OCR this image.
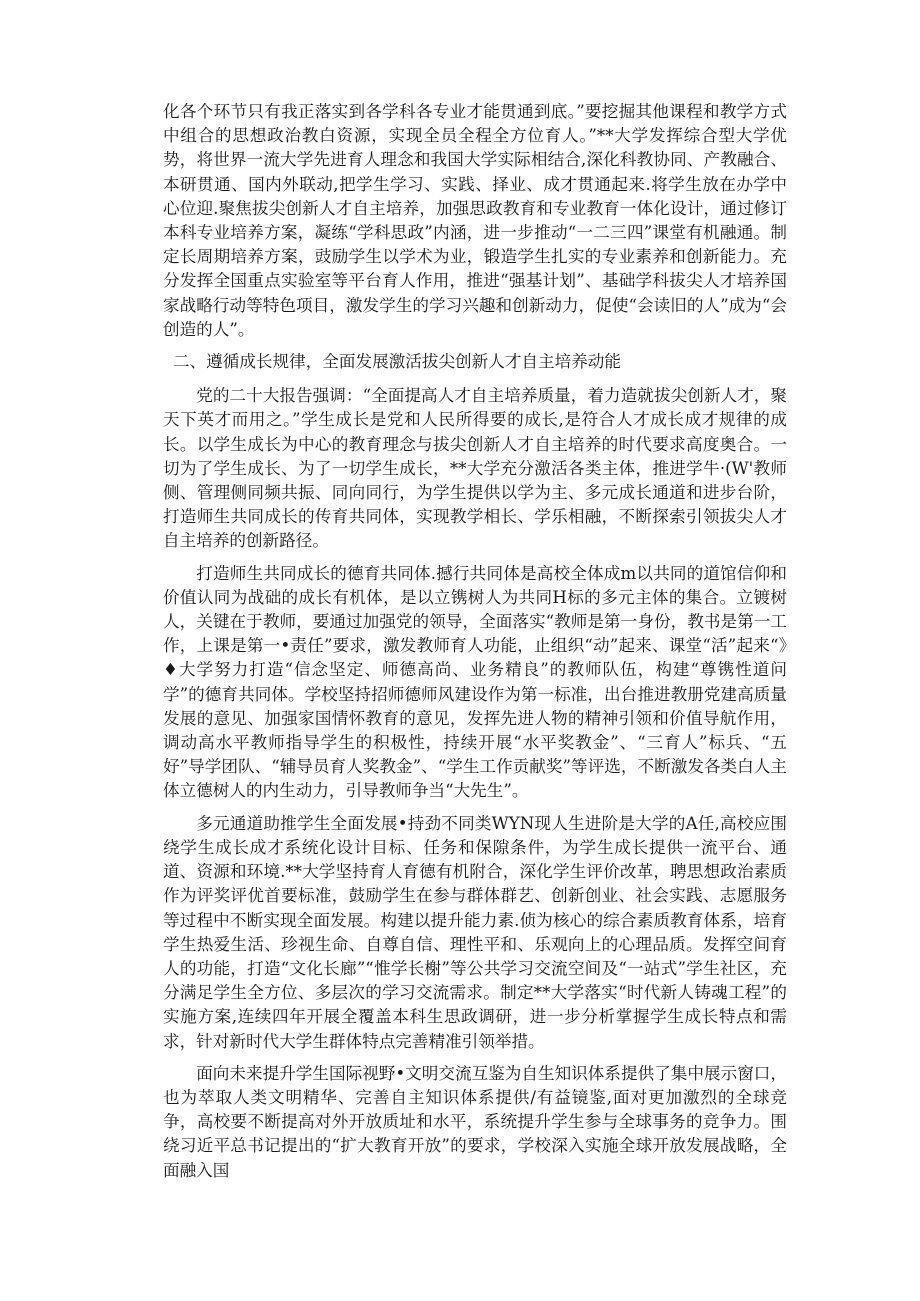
化各个环节只有我正落实到各学科各专业才能贯通到底。”要挖掘其他课程和教学方式中组合的思想政治教白资源，实现全员全程全方位育人。”**大学发挥综合型大学优势，将世界一流大学先进育人理念和我国大学实际相结合,深化科教协同、产教融合、本研贯通、国内外联动,把学生学习、实践、择业、成才贯通起来.将学生放在办学中心位迎.聚焦拔尖创新人才自主培养，加强思政教育和专业教育一体化设计，通过修订本科专业培养方案，凝练“学科思政”内涵，进一步推动“一二三四”课堂有机融通。制定长周期培养方案，豉励学生以学术为业，锻造学生扎实的专业素养和创新能力。充分发挥全国重点实验室等平台育人作用，推进“强基计划”、基础学科拔尖人才培养国家战略行动等特色项目，激发学生的学习兴趣和创新动力，促使“会读旧的人”成为“会创造的人”。

二、遵循成长规律，全面发展激活拔尖创新人才自主培养动能

党的二十大报告强调：“全面提高人才自主培养质量，着力造就拔尖创新人才，聚天下英才而用之。”学生成长是党和人民所得要的成长,是符合人才成长成才规律的成长。以学生成长为中心的教育理念与拔尖创新人才自主培养的时代要求高度奥合。一切为了学生成长、为了一切学生成长，**大学充分激活各类主体，推进学牛·(W'教师侧、管理侧同频共振、同向同行，为学生提供以学为主、多元成长通道和进步台阶，打造师生共同成长的传育共同体，实现教学相长、学乐相融，不断探索引领拔尖人才自主培养的创新路径。

打造师生共同成长的德育共同体.撼行共同体是高校全体成m以共同的道馆信仰和价值认同为战础的成长有机体，是以立镌树人为共同H标的多元主体的集合。立镀树人，关键在于教师，要通过加强党的领导，全面落实“教师是第一身份，教书是第一工作，上课是第一•责任”要求，激发教师育人功能，止组织“动”起来、课堂“活”起来“》♦大学努力打造“信念坚定、师德高尚、业务精良”的教师队伍，构建“尊镌性道问学”的德育共同体。学校坚持招师德师风建设作为第一标准，出台推进教册党建高质量发展的意见、加强家国情怀教育的意见，发挥先进人物的精神引领和价值导航作用，调动高水平教师指导学生的积极性，持续开展“水平奖教金”、“三育人”标兵、“五好”导学团队、“辅导员育人奖教金”、“学生工作贡献奖”等评选，不断激发各类白人主体立德树人的内生动力，引导教师争当“大先生”。

多元通道助推学生全面发展•持劲不同类WYN现人生进阶是大学的A任,高校应围绕学生成长成才系统化设计目标、任务和保隙条件，为学生成长提供一流平台、通道、资源和环境.**大学坚持育人育德有机附合，深化学生评价改革，聘思想政治素质作为评奖评优首要标准，鼓励学生在参与群体群艺、创新创业、社会实践、志愿服务等过程中不断实现全面发展。构建以提升能力素.侦为核心的综合素质教育体系，培育学生热爱生活、珍视生命、自尊自信、理性平和、乐观向上的心理品质。发挥空间育人的功能，打造“文化长廊”“惟学长榭”等公共学习交流空间及“一站式”学生社区，充分满足学生全方位、多层次的学习交流需求。制定**大学落实“时代新人铸魂工程”的实施方案,连续四年开展全覆盖本科生思政调研，进一步分析掌握学生成长特点和需求，针对新时代大学生群体特点完善精准引领举措。

面向未来提升学生国际视野•文明交流互鉴为自生知识体系提供了集中展示窗口，也为萃取人类文明精华、完善自主知识体系提供/有益镜鉴,面对更加激烈的全球竞争，高校要不断提高对外开放质址和水平，系统提升学生参与全球事务的竞争力。围绕习近平总书记提出的“扩大教育开放”的要求，学校深入实施全球开放发展战略，全面融入国
